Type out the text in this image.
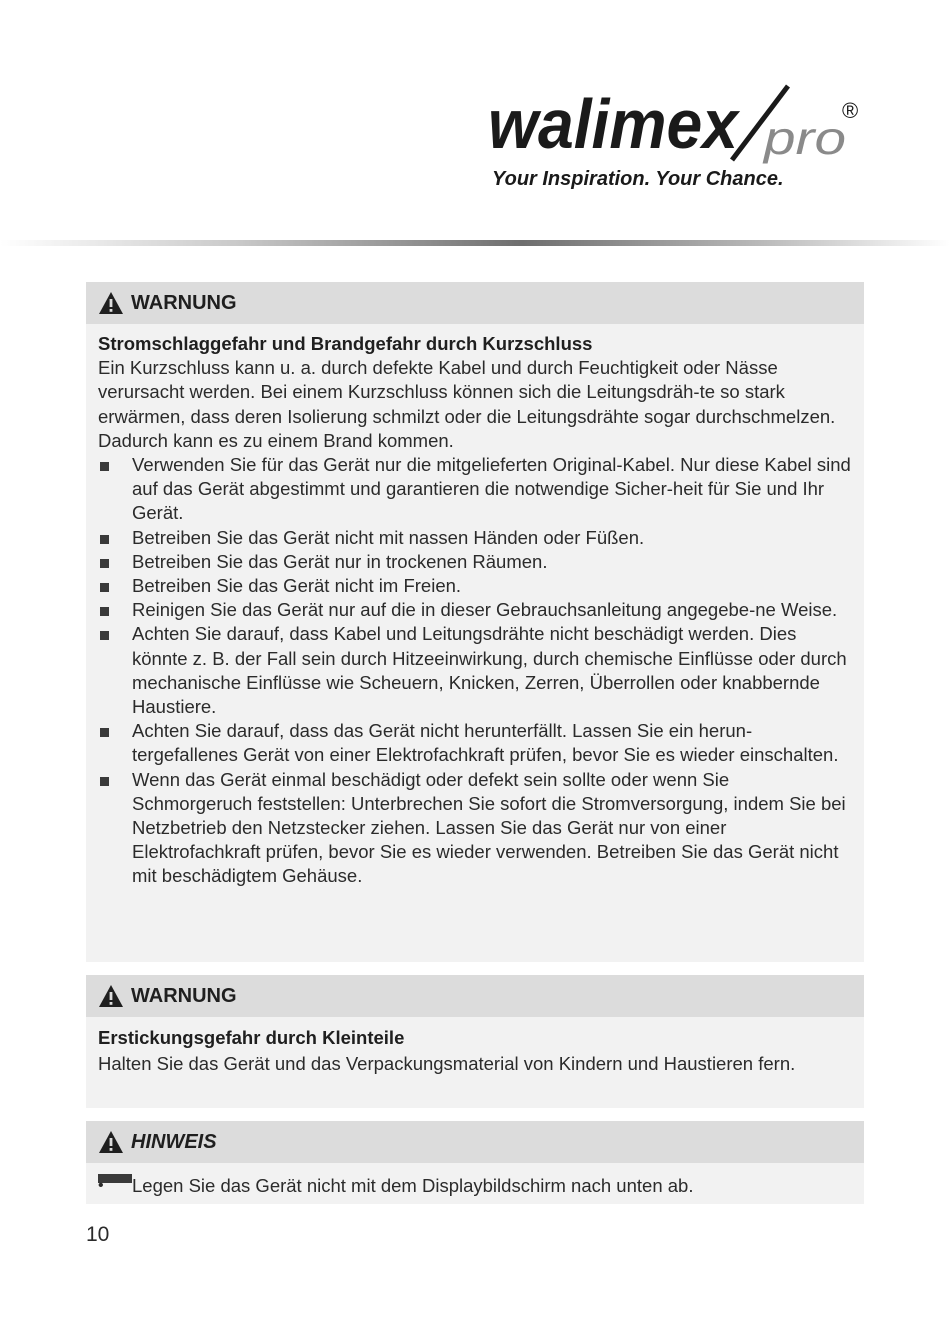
walimex pro
®
Your Inspiration. Your Chance.
WARNUNG

Stromschlaggefahr und Brandgefahr durch Kurzschluss

Ein Kurzschluss kann u. a. durch defekte Kabel und durch Feuchtigkeit oder Nässe verursacht werden. Bei einem Kurzschluss können sich die Leitungsdräh-te so stark erwärmen, dass deren Isolierung schmilzt oder die Leitungsdrähte sogar durchschmelzen. Dadurch kann es zu einem Brand kommen.

Verwenden Sie für das Gerät nur die mitgelieferten Original-Kabel. Nur diese Kabel sind auf das Gerät abgestimmt und garantieren die notwendige Sicher-heit für Sie und Ihr Gerät.
Betreiben Sie das Gerät nicht mit nassen Händen oder Füßen.
Betreiben Sie das Gerät nur in trockenen Räumen.
Betreiben Sie das Gerät nicht im Freien.
Reinigen Sie das Gerät nur auf die in dieser Gebrauchsanleitung angegebe-ne Weise.
Achten Sie darauf, dass Kabel und Leitungsdrähte nicht beschädigt werden. Dies könnte z. B. der Fall sein durch Hitzeeinwirkung, durch chemische Einflüsse oder durch mechanische Einflüsse wie Scheuern, Knicken, Zerren, Überrollen oder knabbernde Haustiere.
Achten Sie darauf, dass das Gerät nicht herunterfällt. Lassen Sie ein herun-tergefallenes Gerät von einer Elektrofachkraft prüfen, bevor Sie es wieder einschalten.
Wenn das Gerät einmal beschädigt oder defekt sein sollte oder wenn Sie Schmorgeruch feststellen: Unterbrechen Sie sofort die Stromversorgung, indem Sie bei Netzbetrieb den Netzstecker ziehen. Lassen Sie das Gerät nur von einer Elektrofachkraft prüfen, bevor Sie es wieder verwenden. Betreiben Sie das Gerät nicht mit beschädigtem Gehäuse.
WARNUNG

Erstickungsgefahr durch Kleinteile

Halten Sie das Gerät und das Verpackungsmaterial von Kindern und Haustieren fern.

HINWEIS
•	Legen Sie das Gerät nicht mit dem Displaybildschirm nach unten ab.
10
